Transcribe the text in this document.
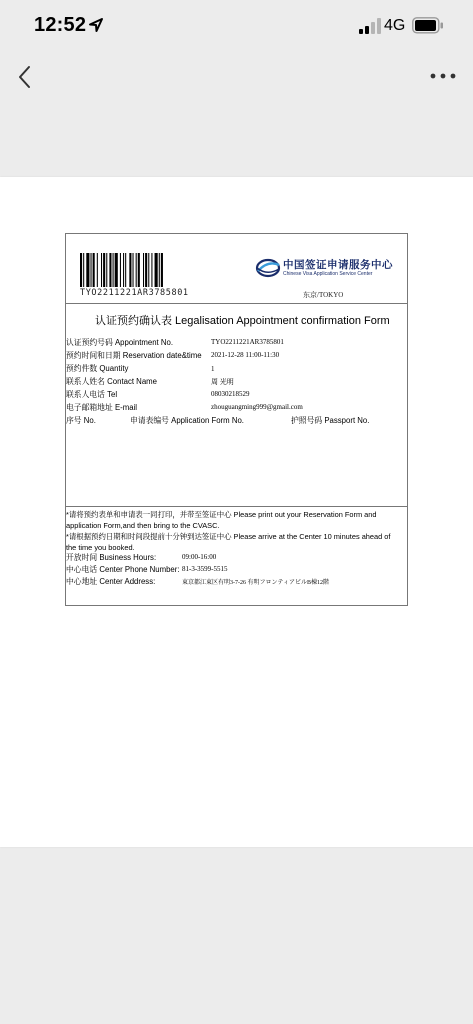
12:52	4G
TYO2211221AR3785801
中国签证申请服务中心
Chinese Visa Application Service Center
东京/TOKYO
认证预约确认表 Legalisation Appointment confirmation Form
认证预约号码 Appointment No.	TYO2211221AR3785801
预约时间和日期 Reservation date&time 2021-12-28 11:00-11:30
预约件数 Quantity	1
联系人姓名 Contact Name	周 光明
联系人电话 Tel	08030218529
电子邮箱地址 E-mail	zhouguangming999@gmail.com
序号 No.	申请表编号 Application Form No.	护照号码 Passport No.
*请将预约表单和申请表一同打印，并带至签证中心 Please print out your Reservation Form and application Form,and then bring to the CVASC.
*请根据预约日期和时间段提前十分钟到达签证中心 Please arrive at the Center 10 minutes ahead of the time you booked.
开放时间 Business Hours:	09:00-16:00
中心电话 Center Phone Number: 81-3-3599-5515
中心地址 Center Address:	東京都江東区有明3-7-26 有明フロンティアビルB棟12階
